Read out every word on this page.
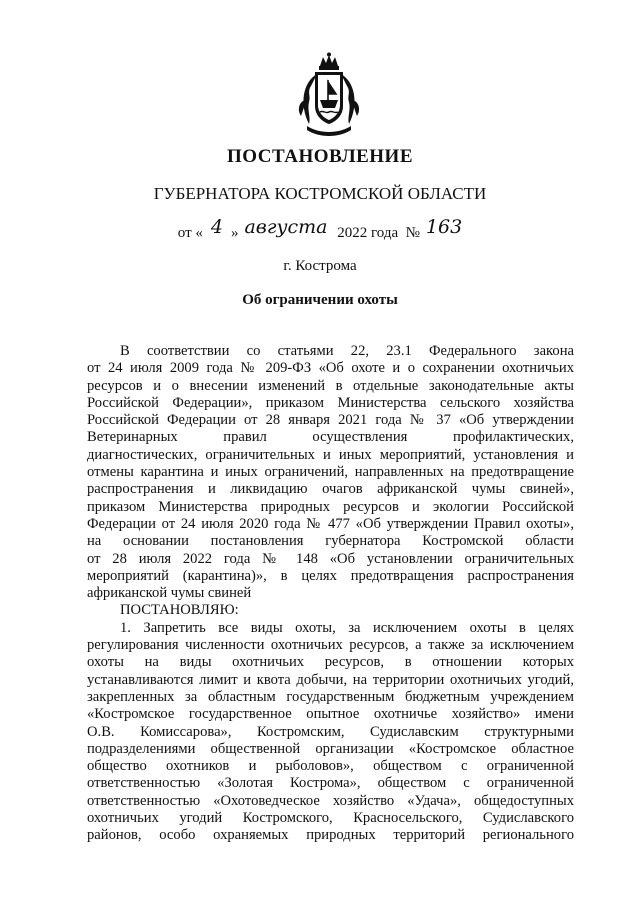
ПОСТАНОВЛЕНИЕ
ГУБЕРНАТОРА КОСТРОМСКОЙ ОБЛАСТИ
от « 4 » августа 2022 года № 163
г. Кострома
Об ограничении охоты
В соответствии со статьями 22, 23.1 Федерального закона
от 24 июля 2009 года № 209-ФЗ «Об охоте и о сохранении охотничьих
ресурсов и о внесении изменений в отдельные законодательные акты
Российской Федерации», приказом Министерства сельского хозяйства
Российской Федерации от 28 января 2021 года № 37 «Об утверждении
Ветеринарных правил осуществления профилактических,
диагностических, ограничительных и иных мероприятий, установления и
отмены карантина и иных ограничений, направленных на предотвращение
распространения и ликвидацию очагов африканской чумы свиней»,
приказом Министерства природных ресурсов и экологии Российской
Федерации от 24 июля 2020 года № 477 «Об утверждении Правил охоты»,
на основании постановления губернатора Костромской области
от 28 июля 2022 года № 148 «Об установлении ограничительных
мероприятий (карантина)», в целях предотвращения распространения
африканской чумы свиней
ПОСТАНОВЛЯЮ:
1. Запретить все виды охоты, за исключением охоты в целях
регулирования численности охотничьих ресурсов, а также за исключением
охоты на виды охотничьих ресурсов, в отношении которых
устанавливаются лимит и квота добычи, на территории охотничьих угодий,
закрепленных за областным государственным бюджетным учреждением
«Костромское государственное опытное охотничье хозяйство» имени
О.В. Комиссарова», Костромским, Судиславским структурными
подразделениями общественной организации «Костромское областное
общество охотников и рыболовов», обществом с ограниченной
ответственностью «Золотая Кострома», обществом с ограниченной
ответственностью «Охотоведческое хозяйство «Удача», общедоступных
охотничьих угодий Костромского, Красносельского, Судиславского
районов, особо охраняемых природных территорий регионального
